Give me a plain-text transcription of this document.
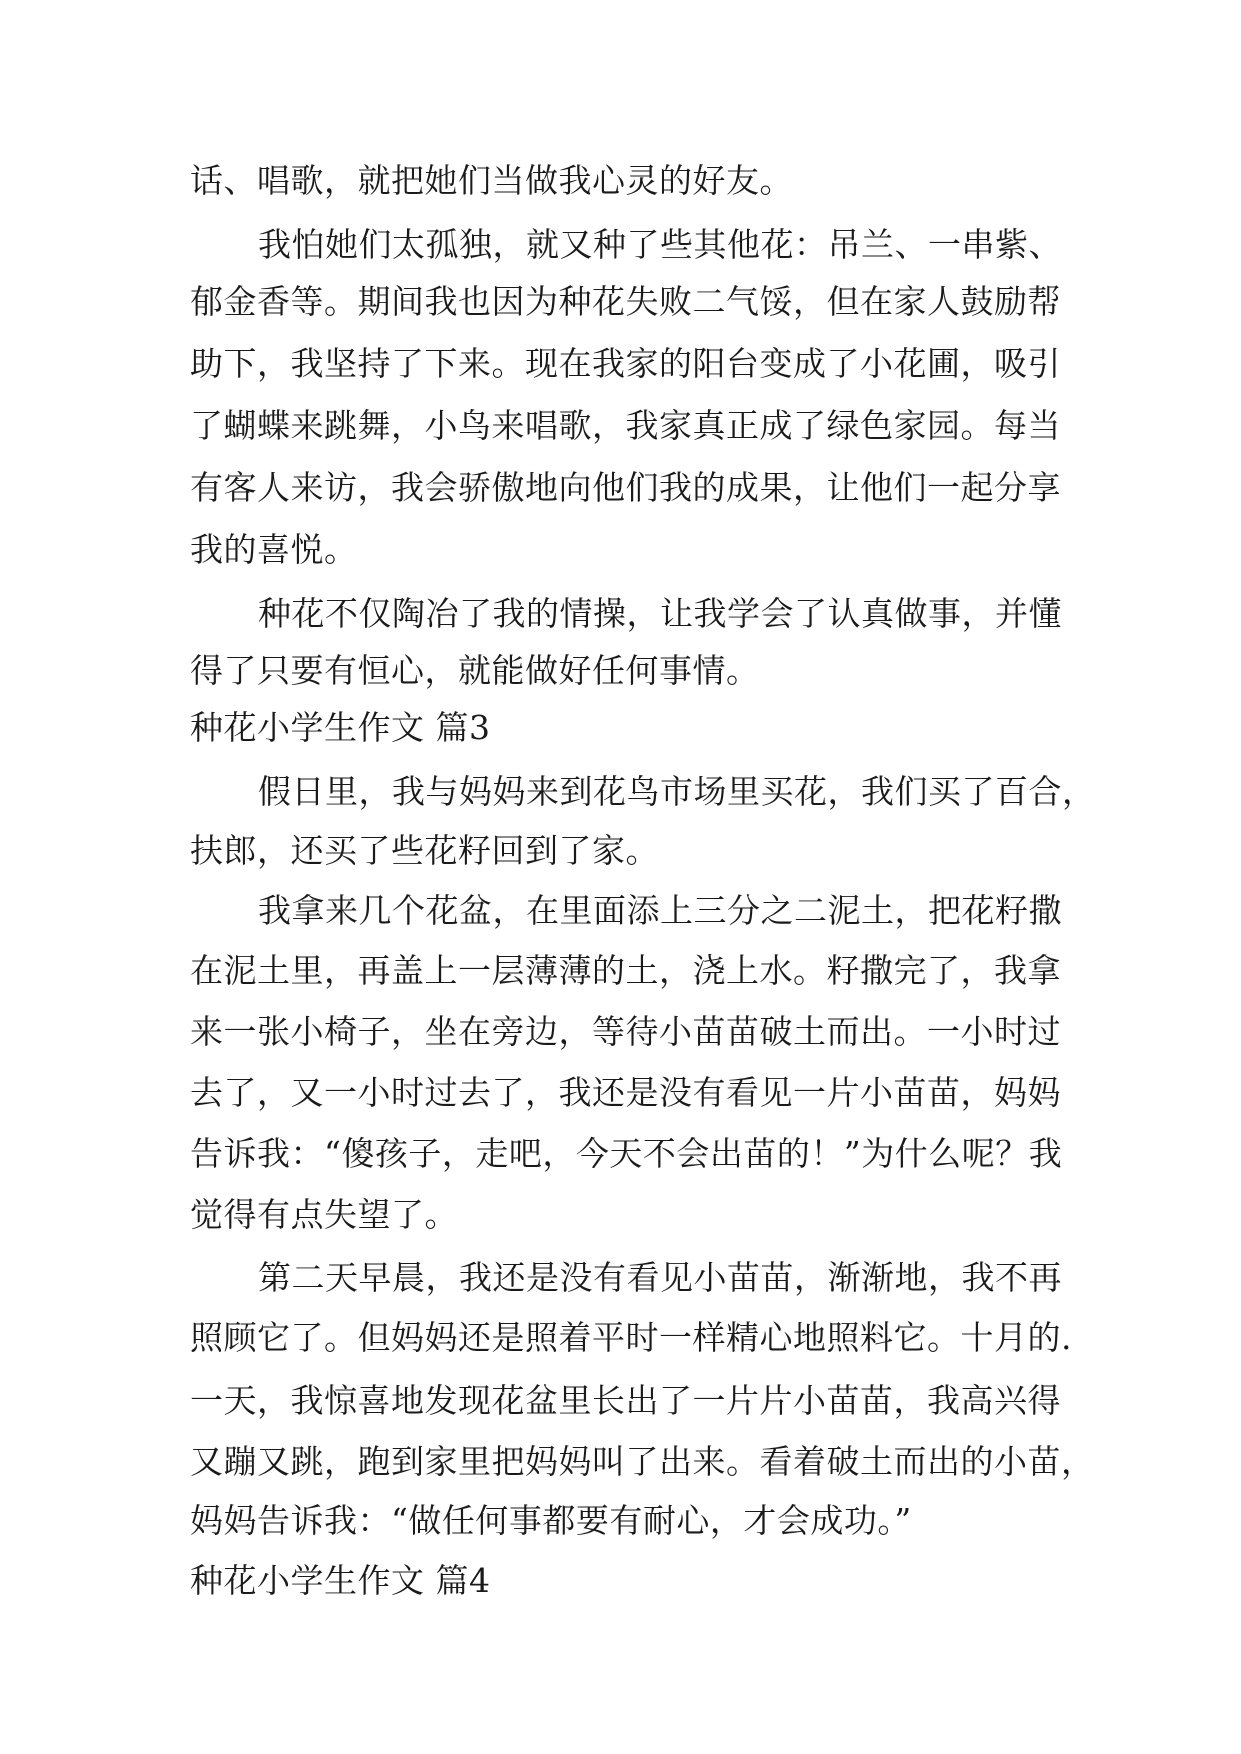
话、唱歌，就把她们当做我心灵的好友。
我怕她们太孤独，就又种了些其他花：吊兰、一串紫、
郁金香等。期间我也因为种花失败二气馁，但在家人鼓励帮
助下，我坚持了下来。现在我家的阳台变成了小花圃，吸引
了蝴蝶来跳舞，小鸟来唱歌，我家真正成了绿色家园。每当
有客人来访，我会骄傲地向他们我的成果，让他们一起分享
我的喜悦。
种花不仅陶冶了我的情操，让我学会了认真做事，并懂
得了只要有恒心，就能做好任何事情。
种花小学生作文 篇3
假日里，我与妈妈来到花鸟市场里买花，我们买了百合，
扶郎，还买了些花籽回到了家。
我拿来几个花盆，在里面添上三分之二泥土，把花籽撒
在泥土里，再盖上一层薄薄的土，浇上水。籽撒完了，我拿
来一张小椅子，坐在旁边，等待小苗苗破土而出。一小时过
去了，又一小时过去了，我还是没有看见一片小苗苗，妈妈
告诉我：“傻孩子，走吧，今天不会出苗的！”为什么呢？我
觉得有点失望了。
第二天早晨，我还是没有看见小苗苗，渐渐地，我不再
照顾它了。但妈妈还是照着平时一样精心地照料它。十月的.
一天，我惊喜地发现花盆里长出了一片片小苗苗，我高兴得
又蹦又跳，跑到家里把妈妈叫了出来。看着破土而出的小苗，
妈妈告诉我：“做任何事都要有耐心，才会成功。”
种花小学生作文 篇4
